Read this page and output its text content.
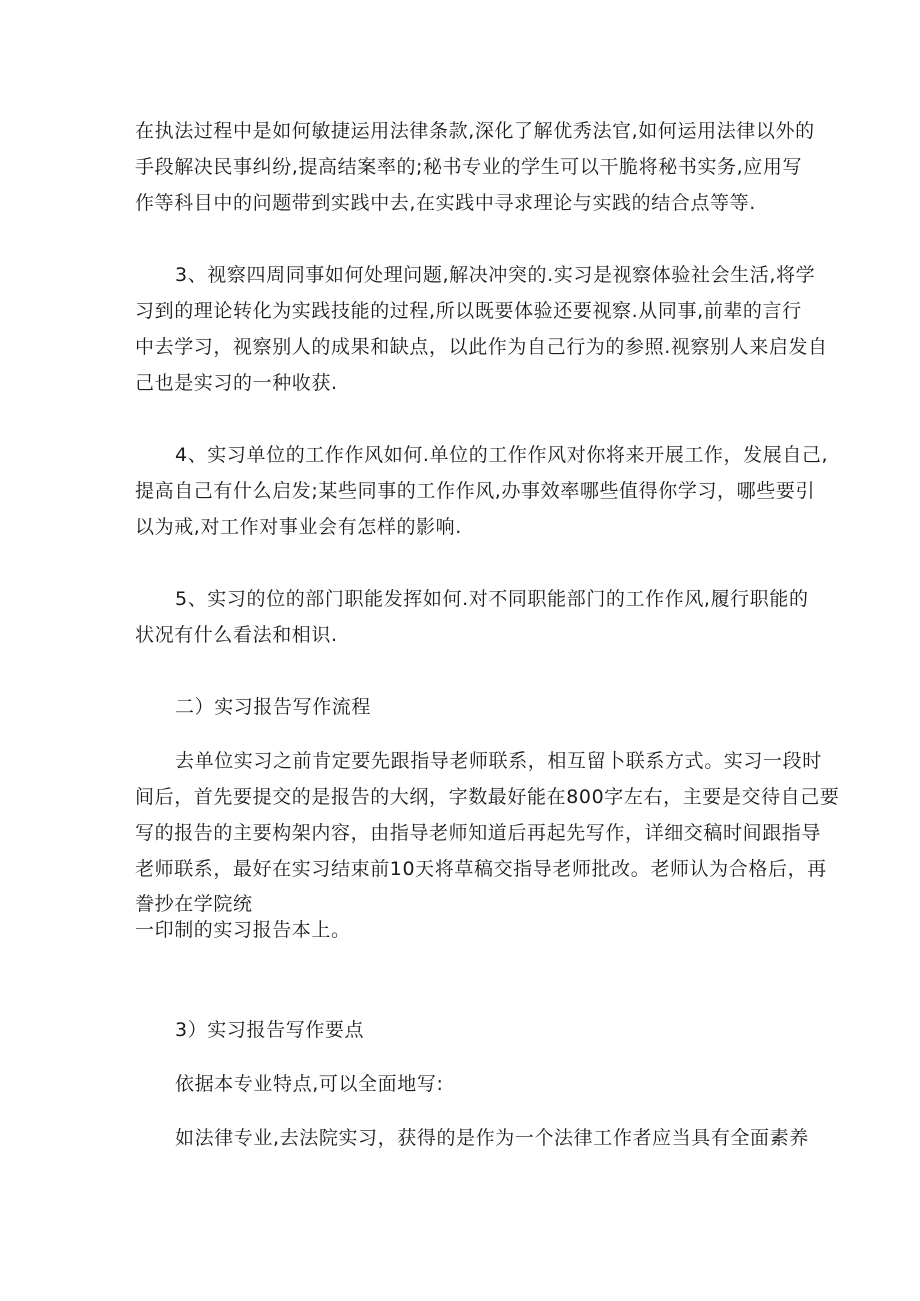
在执法过程中是如何敏捷运用法律条款,深化了解优秀法官,如何运用法律以外的
手段解决民事纠纷,提高结案率的;秘书专业的学生可以干脆将秘书实务,应用写
作等科目中的问题带到实践中去,在实践中寻求理论与实践的结合点等等.
3、视察四周同事如何处理问题,解决冲突的.实习是视察体验社会生活,将学
习到的理论转化为实践技能的过程,所以既要体验还要视察.从同事,前辈的言行
中去学习，视察别人的成果和缺点，以此作为自己行为的参照.视察别人来启发自
己也是实习的一种收获.
4、实习单位的工作作风如何.单位的工作作风对你将来开展工作，发展自己,
提高自己有什么启发;某些同事的工作作风,办事效率哪些值得你学习，哪些要引
以为戒,对工作对事业会有怎样的影响.
5、实习的位的部门职能发挥如何.对不同职能部门的工作作风,履行职能的
状况有什么看法和相识.
二）实习报告写作流程
去单位实习之前肯定要先跟指导老师联系，相互留卜联系方式。实习一段时
间后，首先要提交的是报告的大纲，字数最好能在800字左右，主要是交待自己要
写的报告的主要构架内容，由指导老师知道后再起先写作，详细交稿时间跟指导
老师联系，最好在实习结束前10天将草稿交指导老师批改。老师认为合格后，再
誊抄在学院统
一印制的实习报告本上。
3）实习报告写作要点
依据本专业特点,可以全面地写:
如法律专业,去法院实习，获得的是作为一个法律工作者应当具有全面素养
